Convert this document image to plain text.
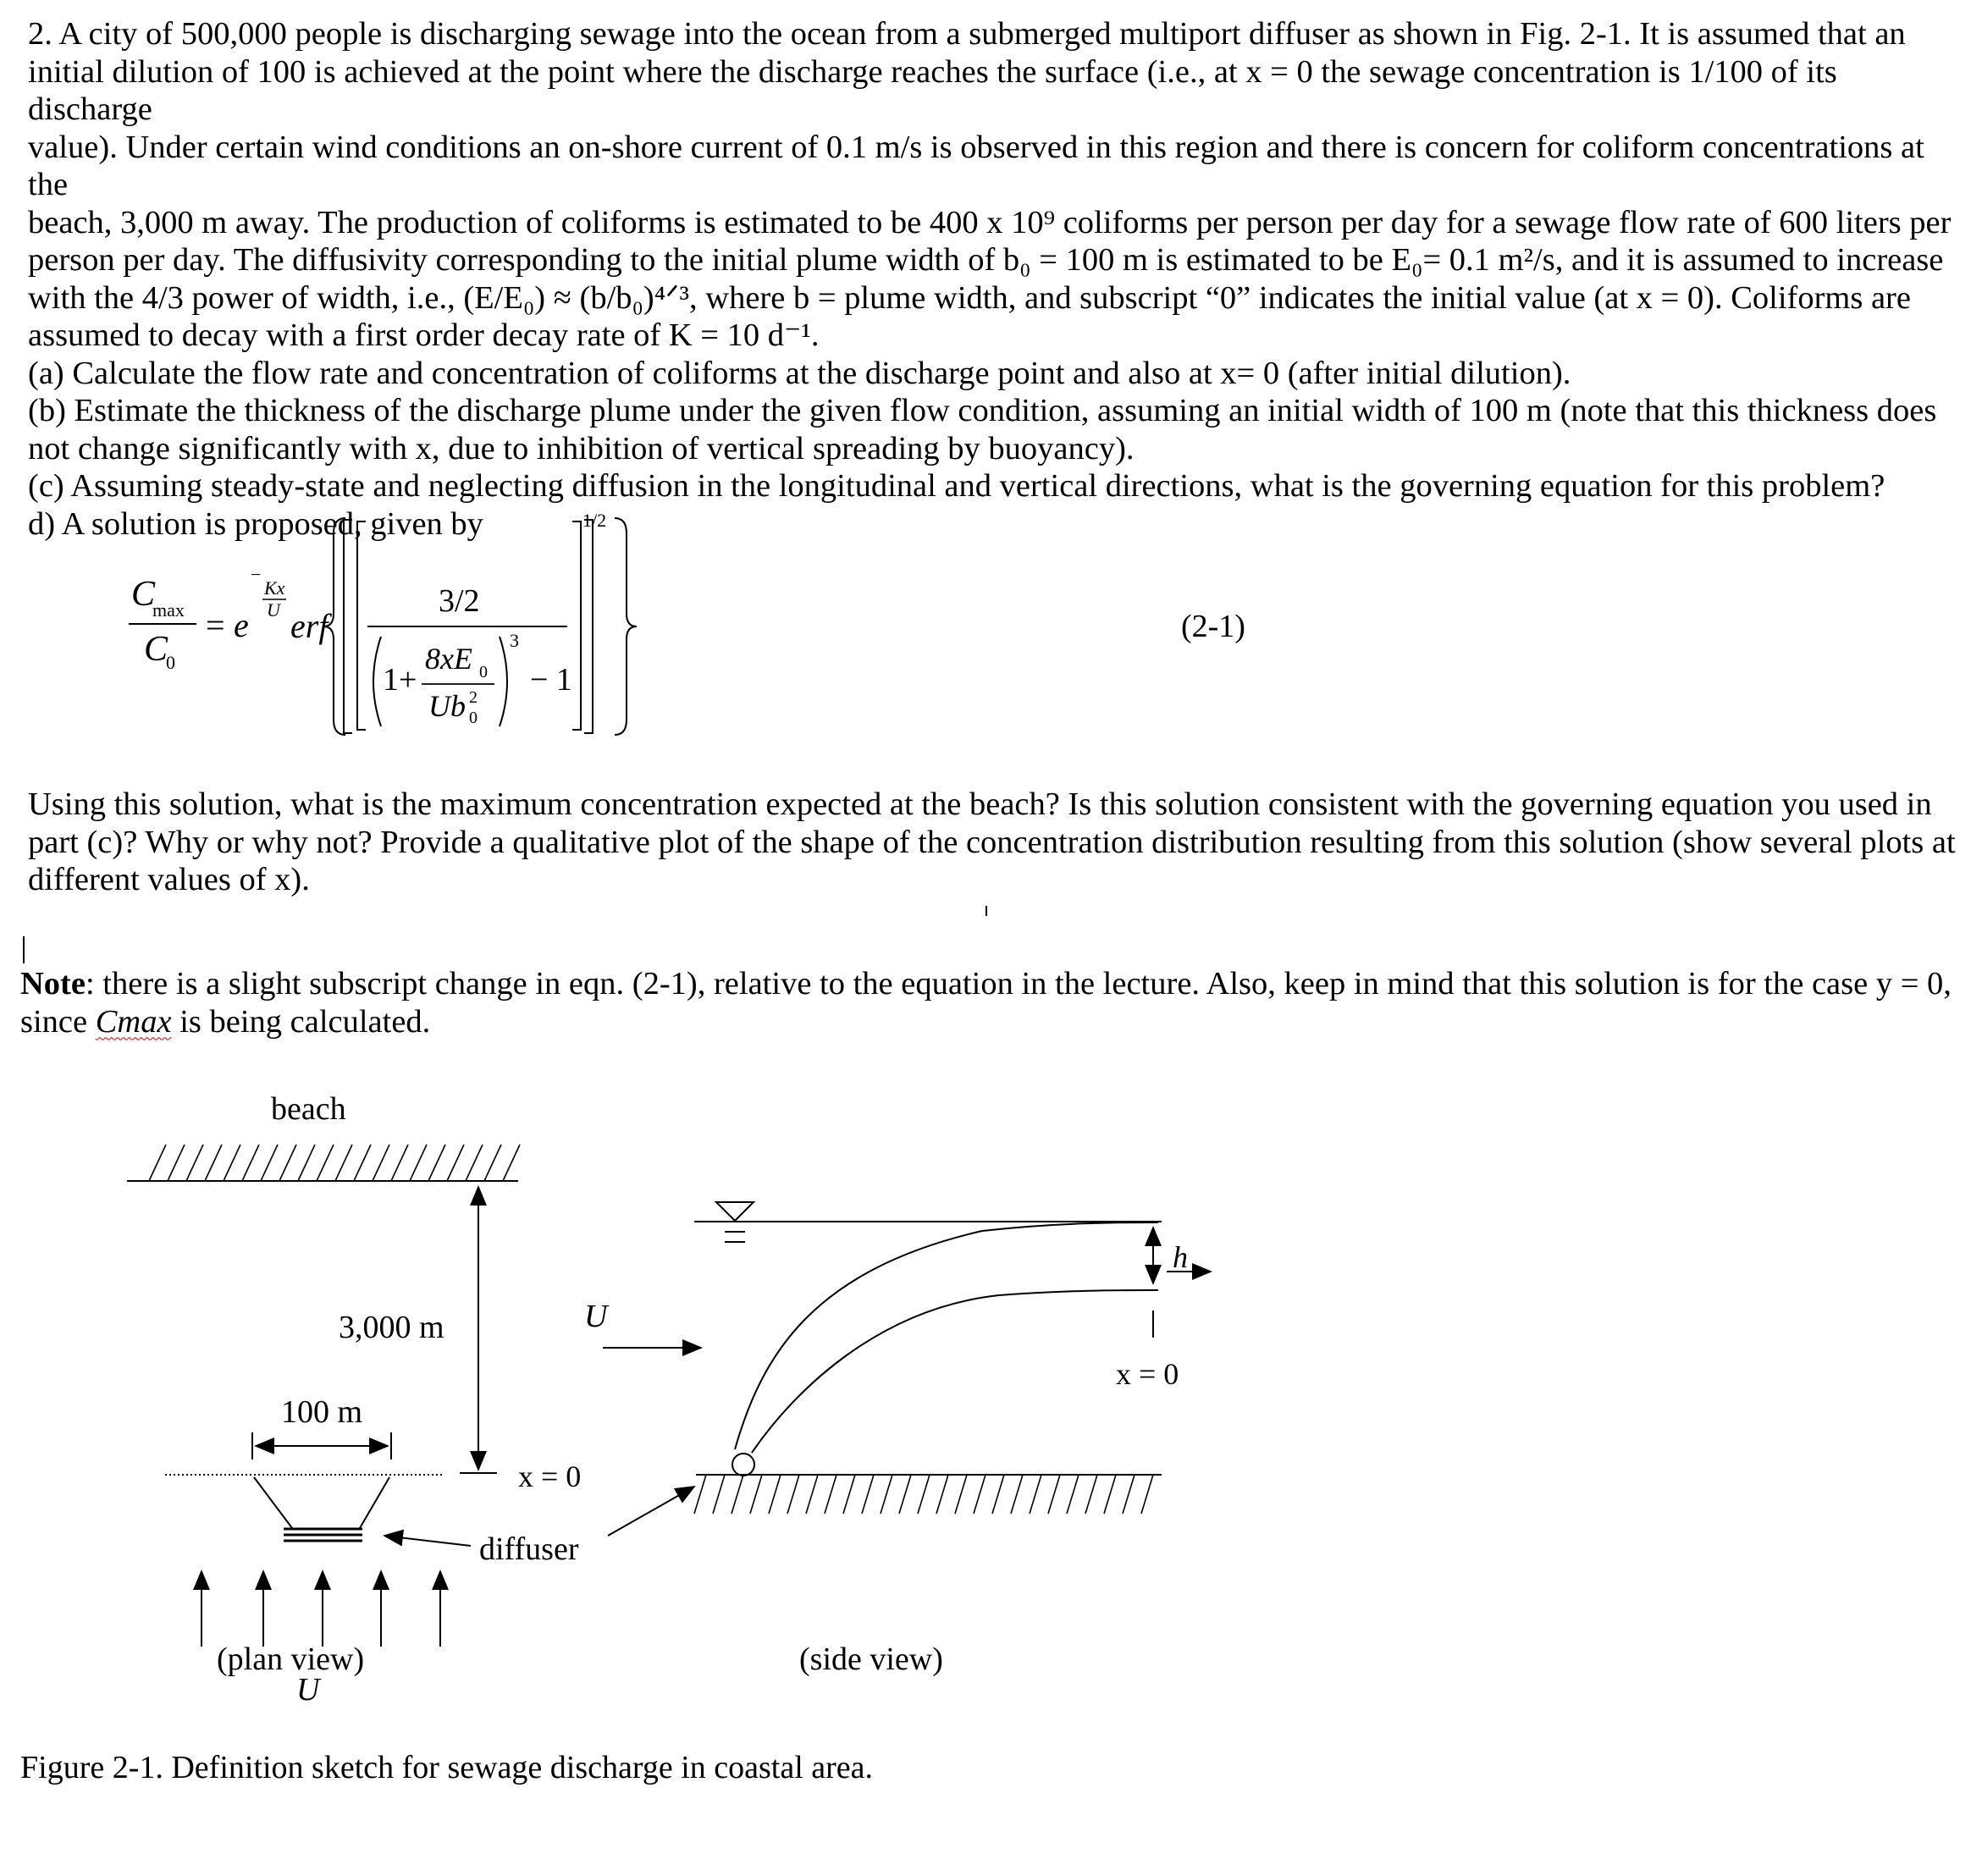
2. A city of 500,000 people is discharging sewage into the ocean from a submerged multiport diffuser as shown in Fig. 2-1. It is assumed that an

initial dilution of 100 is achieved at the point where the discharge reaches the surface (i.e., at x = 0 the sewage concentration is 1/100 of its discharge

value). Under certain wind conditions an on-shore current of 0.1 m/s is observed in this region and there is concern for coliform concentrations at the

beach, 3,000 m away. The production of coliforms is estimated to be 400 x 10⁹ coliforms per person per day for a sewage flow rate of 600 liters per

person per day. The diffusivity corresponding to the initial plume width of b₀ = 100 m is estimated to be E₀= 0.1 m²/s, and it is assumed to increase

with the 4/3 power of width, i.e., (E/E₀) ≈ (b/b₀)⁴ᐟ³, where b = plume width, and subscript “0” indicates the initial value (at x = 0). Coliforms are

assumed to decay with a first order decay rate of K = 10 d⁻¹.

(a) Calculate the flow rate and concentration of coliforms at the discharge point and also at x= 0 (after initial dilution).

(b) Estimate the thickness of the discharge plume under the given flow condition, assuming an initial width of 100 m (note that this thickness does

not change significantly with x, due to inhibition of vertical spreading by buoyancy).

(c) Assuming steady-state and neglecting diffusion in the longitudinal and vertical directions, what is the governing equation for this problem?

d) A solution is proposed, given by

C
max
C
0
= e
−
Kx
U erf
3/2
1+
8xE 0
Ub 2
0
3
− 1
1/2
(2-1)

Using this solution, what is the maximum concentration expected at the beach? Is this solution consistent with the governing equation you used in

part (c)? Why or why not? Provide a qualitative plot of the shape of the concentration distribution resulting from this solution (show several plots at

different values of x).

Note: there is a slight subscript change in eqn. (2-1), relative to the equation in the lecture. Also, keep in mind that this solution is for the case y = 0,

since Cmax is being calculated.

beach
3,000 m
100 m
x = 0
diffuser
(plan view)
U
U
h
x = 0
(side view)
Figure 2-1. Definition sketch for sewage discharge in coastal area.
